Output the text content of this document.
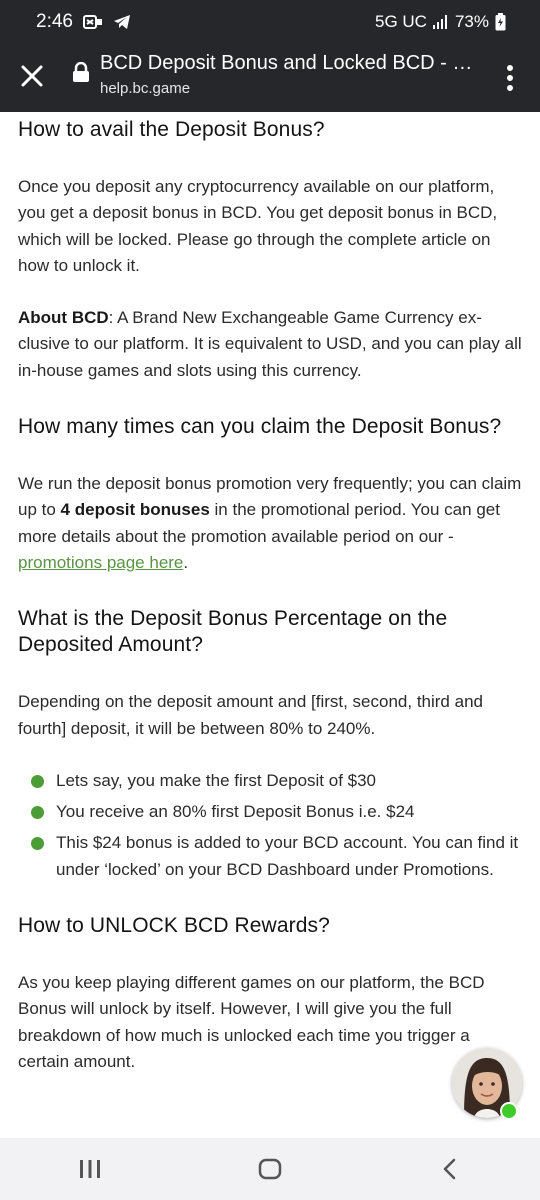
2:46	5G UC 73%
BCD Deposit Bonus and Locked BCD - …
help.bc.game
How to avail the Deposit Bonus?

Once you deposit any cryptocurrency available on our platform, you get a deposit bonus in BCD. You get deposit bonus in BCD, which will be locked. Please go through the complete article on how to unlock it.

About BCD: A Brand New Exchangeable Game Currency exclusive to our platform. It is equivalent to USD, and you can play all in-house games and slots using this currency.

How many times can you claim the Deposit Bonus?

We run the deposit bonus promotion very frequently; you can claim up to 4 deposit bonuses in the promotional period. You can get more details about the promotion available period on our - promotions page here.

What is the Deposit Bonus Percentage on the Deposited Amount?

Depending on the deposit amount and [first, second, third and fourth] deposit, it will be between 80% to 240%.

Lets say, you make the first Deposit of $30
You receive an 80% first Deposit Bonus i.e. $24
This $24 bonus is added to your BCD account. You can find it under ‘locked’ on your BCD Dashboard under Promotions.
How to UNLOCK BCD Rewards?

As you keep playing different games on our platform, the BCD Bonus will unlock by itself. However, I will give you the full breakdown of how much is unlocked each time you trigger a certain amount.
